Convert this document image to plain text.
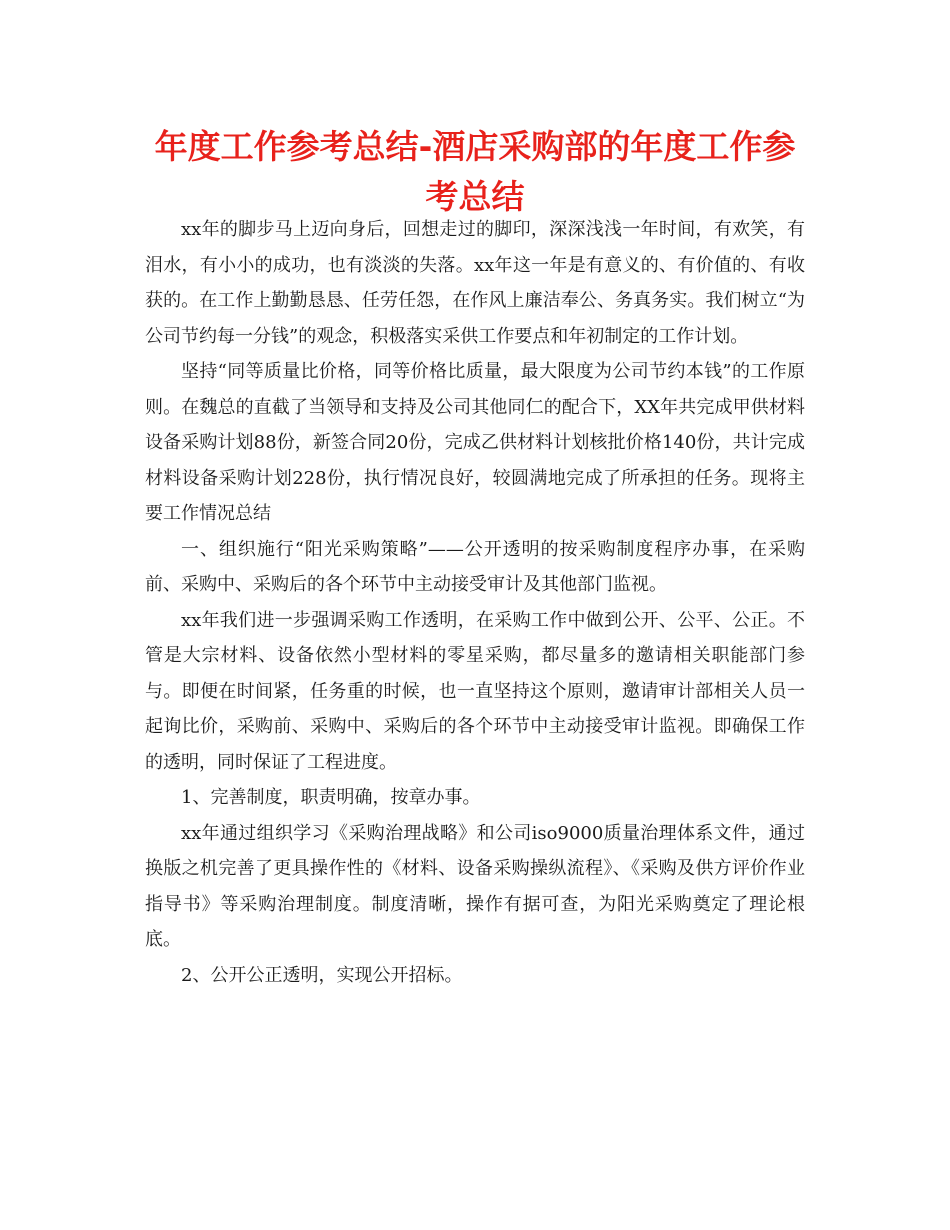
年度工作参考总结-酒店采购部的年度工作参考总结

xx年的脚步马上迈向身后，回想走过的脚印，深深浅浅一年时间，有欢笑，有泪水，有小小的成功，也有淡淡的失落。xx年这一年是有意义的、有价值的、有收获的。在工作上勤勤恳恳、任劳任怨，在作风上廉洁奉公、务真务实。我们树立“为公司节约每一分钱”的观念，积极落实采供工作要点和年初制定的工作计划。

坚持“同等质量比价格，同等价格比质量，最大限度为公司节约本钱”的工作原则。在魏总的直截了当领导和支持及公司其他同仁的配合下，XX年共完成甲供材料设备采购计划88份，新签合同20份，完成乙供材料计划核批价格140份，共计完成材料设备采购计划228份，执行情况良好，较圆满地完成了所承担的任务。现将主要工作情况总结

一、组织施行“阳光采购策略”——公开透明的按采购制度程序办事，在采购前、采购中、采购后的各个环节中主动接受审计及其他部门监视。

xx年我们进一步强调采购工作透明，在采购工作中做到公开、公平、公正。不管是大宗材料、设备依然小型材料的零星采购，都尽量多的邀请相关职能部门参与。即便在时间紧，任务重的时候，也一直坚持这个原则，邀请审计部相关人员一起询比价，采购前、采购中、采购后的各个环节中主动接受审计监视。即确保工作的透明，同时保证了工程进度。

1、完善制度，职责明确，按章办事。

xx年通过组织学习《采购治理战略》和公司iso9000质量治理体系文件，通过换版之机完善了更具操作性的《材料、设备采购操纵流程》、《采购及供方评价作业指导书》等采购治理制度。制度清晰，操作有据可查，为阳光采购奠定了理论根底。

2、公开公正透明，实现公开招标。
